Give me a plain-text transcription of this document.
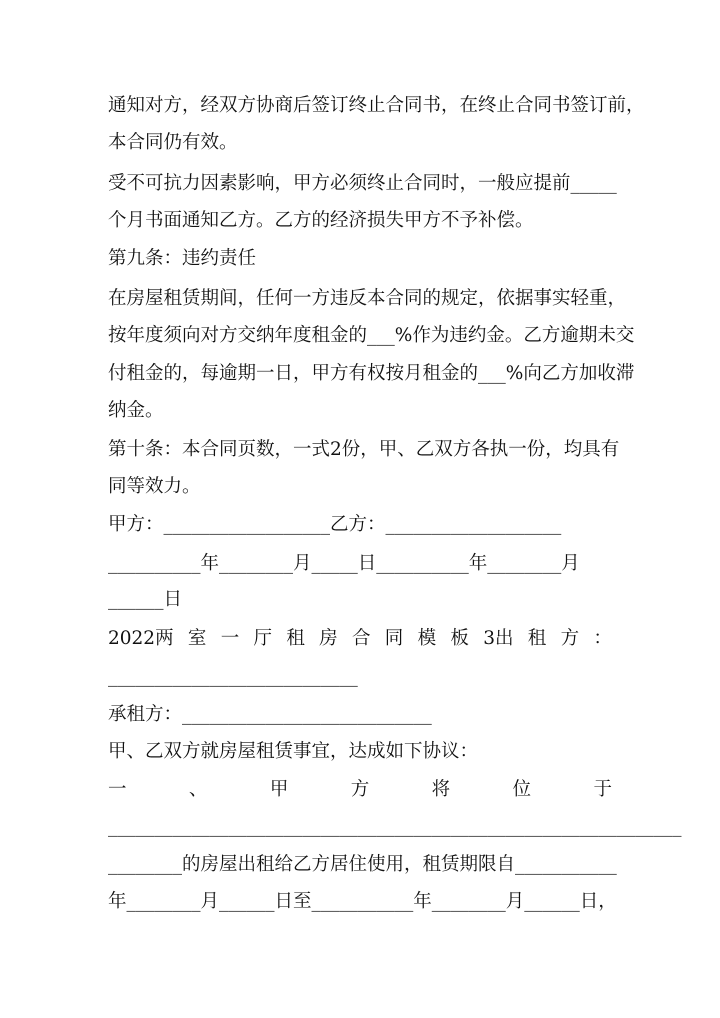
通知对方，经双方协商后签订终止合同书，在终止合同书签订前，
本合同仍有效。
受不可抗力因素影响，甲方必须终止合同时，一般应提前_____
个月书面通知乙方。乙方的经济损失甲方不予补偿。
第九条：违约责任
在房屋租赁期间，任何一方违反本合同的规定，依据事实轻重，
按年度须向对方交纳年度租金的___%作为违约金。乙方逾期未交
付租金的，每逾期一日，甲方有权按月租金的___%向乙方加收滞
纳金。
第十条：本合同页数，一式2份，甲、乙双方各执一份，均具有
同等效力。
甲方：__________________乙方：___________________
__________年________月_____日__________年________月
______日
2022两 室 一 厅 租 房 合 同 模 板 3出 租 方 ：
___________________________
承租方：___________________________
甲、乙双方就房屋租赁事宜，达成如下协议：
一	、	甲	方	将	位	于
______________________________________________________________
________的房屋出租给乙方居住使用，租赁期限自___________
年________月______日至___________年________月______日，
